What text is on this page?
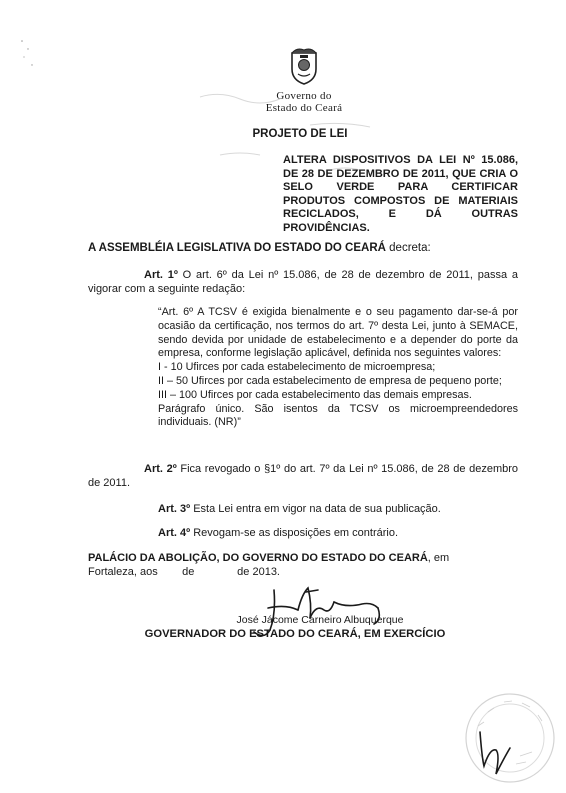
Governo do
Estado do Ceará
PROJETO DE LEI
ALTERA DISPOSITIVOS DA LEI Nº 15.086, DE 28 DE DEZEMBRO DE 2011, QUE CRIA O SELO VERDE PARA CERTIFICAR PRODUTOS COMPOSTOS DE MATERIAIS RECICLADOS, E DÁ OUTRAS PROVIDÊNCIAS.
A ASSEMBLÉIA LEGISLATIVA DO ESTADO DO CEARÁ decreta:
Art. 1º O art. 6º da Lei nº 15.086, de 28 de dezembro de 2011, passa a vigorar com a seguinte redação:
“Art. 6º A TCSV é exigida bienalmente e o seu pagamento dar-se-á por ocasião da certificação, nos termos do art. 7º desta Lei, junto à SEMACE, sendo devida por unidade de estabelecimento e a depender do porte da empresa, conforme legislação aplicável, definida nos seguintes valores:
I - 10 Ufirces por cada estabelecimento de microempresa;
II – 50 Ufirces por cada estabelecimento de empresa de pequeno porte;
III – 100 Ufirces por cada estabelecimento das demais empresas.
Parágrafo único. São isentos da TCSV os microempreendedores individuais. (NR)”
Art. 2º Fica revogado o §1º do art. 7º da Lei nº 15.086, de 28 de dezembro de 2011.
Art. 3º Esta Lei entra em vigor na data de sua publicação.
Art. 4º Revogam-se as disposições em contrário.
PALÁCIO DA ABOLIÇÃO, DO GOVERNO DO ESTADO DO CEARÁ, em
Fortaleza, aos        de              de 2013.
José Jácome Carneiro Albuquerque
GOVERNADOR DO ESTADO DO CEARÁ, EM EXERCÍCIO
